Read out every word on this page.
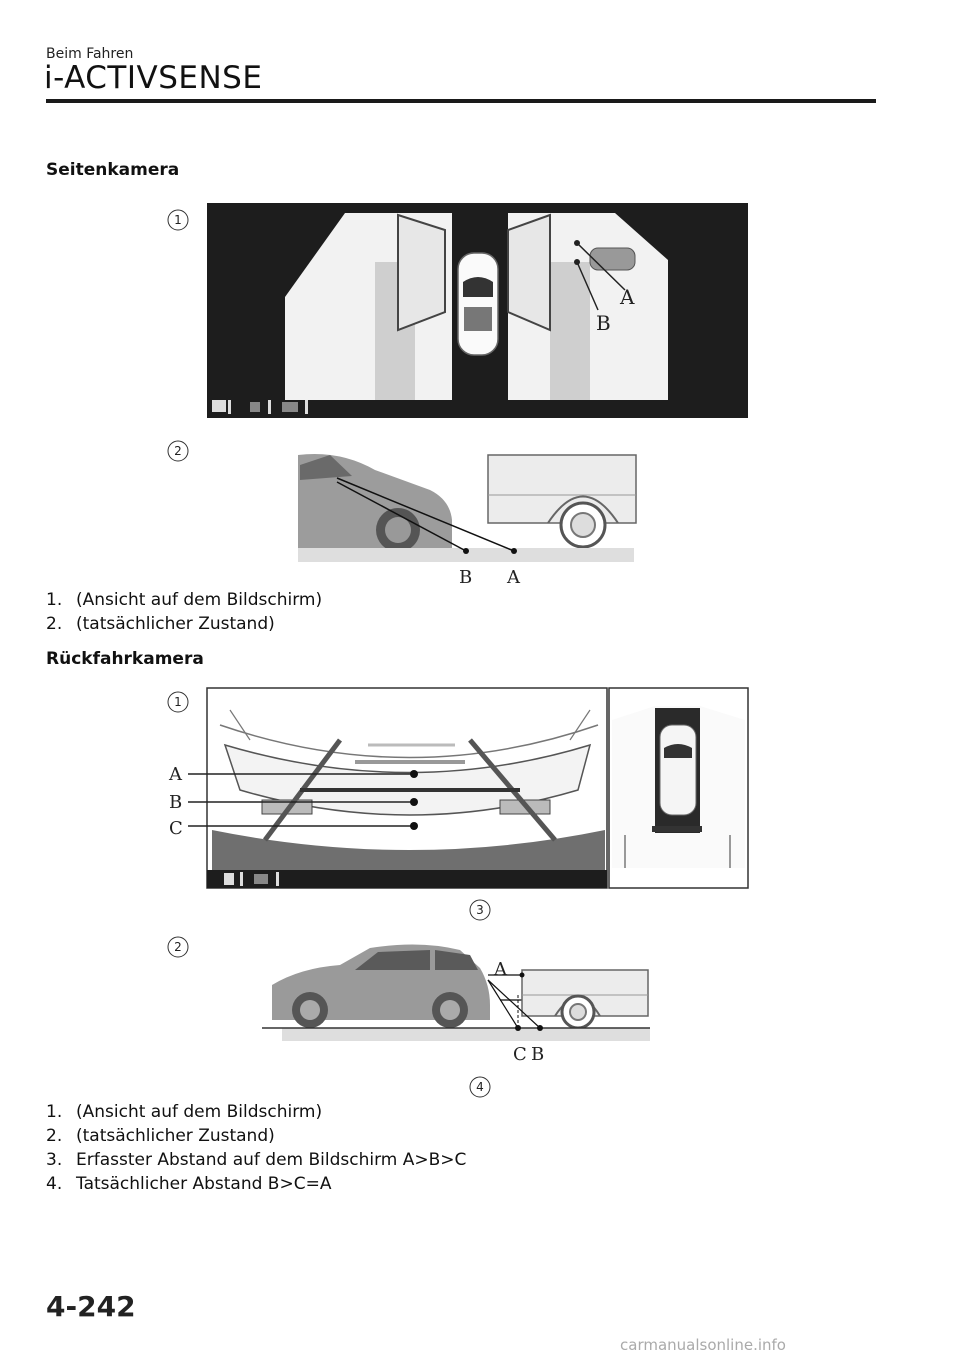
Beim Fahren
i-ACTIVSENSE
Seitenkamera
1
A
B
2
B A
1. (Ansicht auf dem Bildschirm)
2. (tatsächlicher Zustand)
Rückfahrkamera
1
A
B
C
3
2
A
C B
4
1. (Ansicht auf dem Bildschirm)
2. (tatsächlicher Zustand)
3. Erfasster Abstand auf dem Bildschirm A>B>C
4. Tatsächlicher Abstand B>C=A
4-242
carmanualsonline.info
